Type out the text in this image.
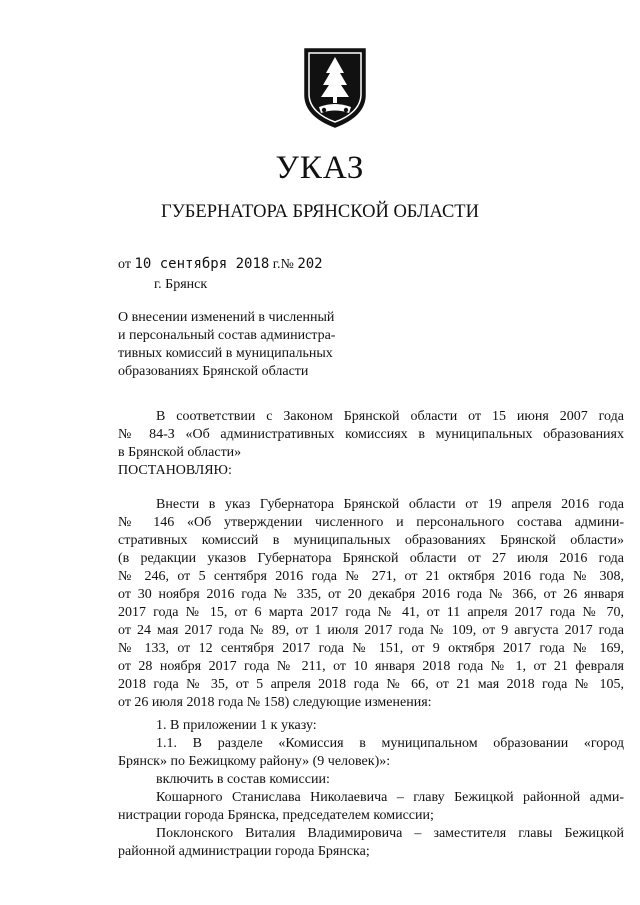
УКАЗ
ГУБЕРНАТОРА БРЯНСКОЙ ОБЛАСТИ
от 10 сентября 2018 г.№ 202
г. Брянск
О внесении изменений в численный
и персональный состав администра-
тивных комиссий в муниципальных
образованиях Брянской области
В соответствии с Законом Брянской области от 15 июня 2007 года
№ 84-З «Об административных комиссиях в муниципальных образованиях
в Брянской области»
ПОСТАНОВЛЯЮ:
Внести в указ Губернатора Брянской области от 19 апреля 2016 года
№ 146 «Об утверждении численного и персонального состава админи-
стративных комиссий в муниципальных образованиях Брянской области»
(в редакции указов Губернатора Брянской области от 27 июля 2016 года
№ 246, от 5 сентября 2016 года № 271, от 21 октября 2016 года № 308,
от 30 ноября 2016 года № 335, от 20 декабря 2016 года № 366, от 26 января
2017 года № 15, от 6 марта 2017 года № 41, от 11 апреля 2017 года № 70,
от 24 мая 2017 года № 89, от 1 июля 2017 года № 109, от 9 августа 2017 года
№ 133, от 12 сентября 2017 года № 151, от 9 октября 2017 года № 169,
от 28 ноября 2017 года № 211, от 10 января 2018 года № 1, от 21 февраля
2018 года № 35, от 5 апреля 2018 года № 66, от 21 мая 2018 года № 105,
от 26 июля 2018 года № 158) следующие изменения:
1. В приложении 1 к указу:
1.1. В разделе «Комиссия в муниципальном образовании «город
Брянск» по Бежицкому району» (9 человек)»:
включить в состав комиссии:
Кошарного Станислава Николаевича – главу Бежицкой районной адми-
нистрации города Брянска, председателем комиссии;
Поклонского Виталия Владимировича – заместителя главы Бежицкой
районной администрации города Брянска;
